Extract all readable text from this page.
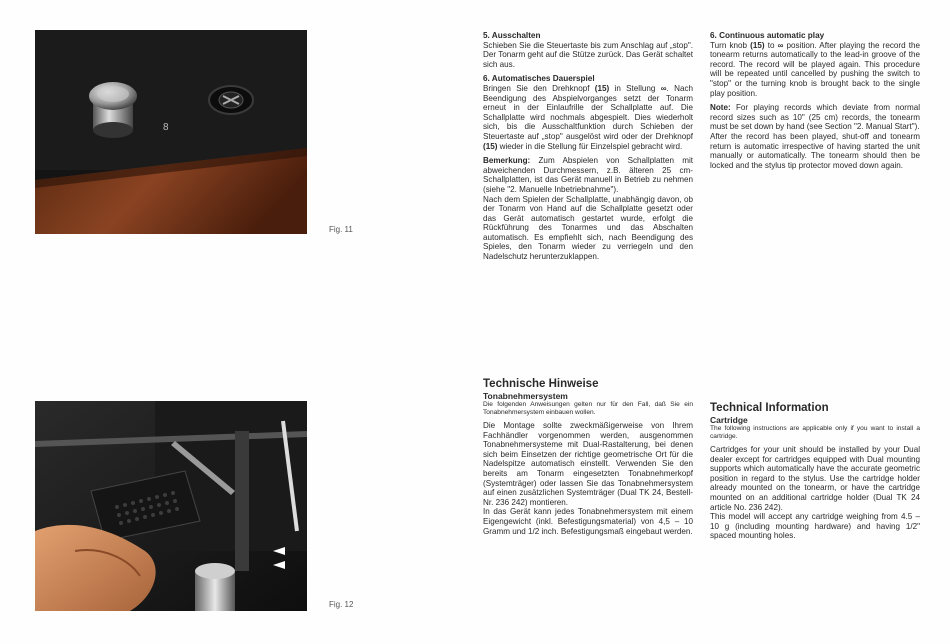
8
Fig. 11
Fig. 12

5. Ausschalten

Schieben Sie die Steuertaste bis zum Anschlag auf „stop". Der Tonarm geht auf die Stütze zurück. Das Gerät schaltet sich aus.

6. Automatisches Dauerspiel

Bringen Sie den Drehknopf (15) in Stellung ∞. Nach Beendigung des Abspielvorganges setzt der Tonarm erneut in der Einlaufrille der Schallplatte auf. Die Schallplatte wird nochmals abgespielt. Dies wiederholt sich, bis die Ausschaltfunktion durch Schieben der Steuertaste auf „stop" ausgelöst wird oder der Drehknopf (15) wieder in die Stellung für Einzelspiel gebracht wird.

Bemerkung: Zum Abspielen von Schallplatten mit abweichenden Durchmessern, z.B. älteren 25 cm-Schallplatten, ist das Gerät manuell in Betrieb zu nehmen (siehe "2. Manuelle Inbetriebnahme").

Nach dem Spielen der Schallplatte, unabhängig davon, ob der Tonarm von Hand auf die Schallplatte gesetzt oder das Gerät automatisch gestartet wurde, erfolgt die Rückführung des Tonarmes und das Abschalten automatisch. Es empfiehlt sich, nach Beendigung des Spieles, den Tonarm wieder zu verriegeln und den Nadelschutz herunterzuklappen.

6. Continuous automatic play

Turn knob (15) to ∞ position. After playing the record the tonearm returns automatically to the lead-in groove of the record. The record will be played again. This procedure will be repeated until cancelled by pushing the switch to "stop" or the turning knob is brought back to the single play position.

Note: For playing records which deviate from normal record sizes such as 10" (25 cm) records, the tonearm must be set down by hand (see Section "2. Manual Start").

After the record has been played, shut-off and tonearm return is automatic irrespective of having started the unit manually or automatically. The tonearm should then be locked and the stylus tip protector moved down again.

Technische Hinweise

Tonabnehmersystem

Die folgenden Anweisungen gelten nur für den Fall, daß Sie ein Tonabnehmersystem einbauen wollen.

Die Montage sollte zweckmäßigerweise von Ihrem Fachhändler vorgenommen werden, ausgenommen Tonabnehmersysteme mit Dual-Rastalterung, bei denen sich beim Einsetzen der richtige geometrische Ort für die Nadelspitze automatisch einstellt. Verwenden Sie den bereits am Tonarm eingesetzten Tonabnehmerkopf (Systemträger) oder lassen Sie das Tonabnehmersystem auf einen zusätzlichen Systemträger (Dual TK 24, Bestell-Nr. 236 242) montieren.

In das Gerät kann jedes Tonabnehmersystem mit einem Eigengewicht (inkl. Befestigungsmaterial) von 4,5 – 10 Gramm und 1/2 inch. Befestigungsmaß eingebaut werden.

Technical Information

Cartridge

The following instructions are applicable only if you want to install a cartridge.

Cartridges for your unit should be installed by your Dual dealer except for cartridges equipped with Dual mounting supports which automatically have the accurate geometric position in regard to the stylus. Use the cartridge holder already mounted on the tonearm, or have the cartridge mounted on an additional cartridge holder (Dual TK 24 article No. 236 242).

This model will accept any cartridge weighing from 4.5 – 10 g (including mounting hardware) and having 1/2" spaced mounting holes.
